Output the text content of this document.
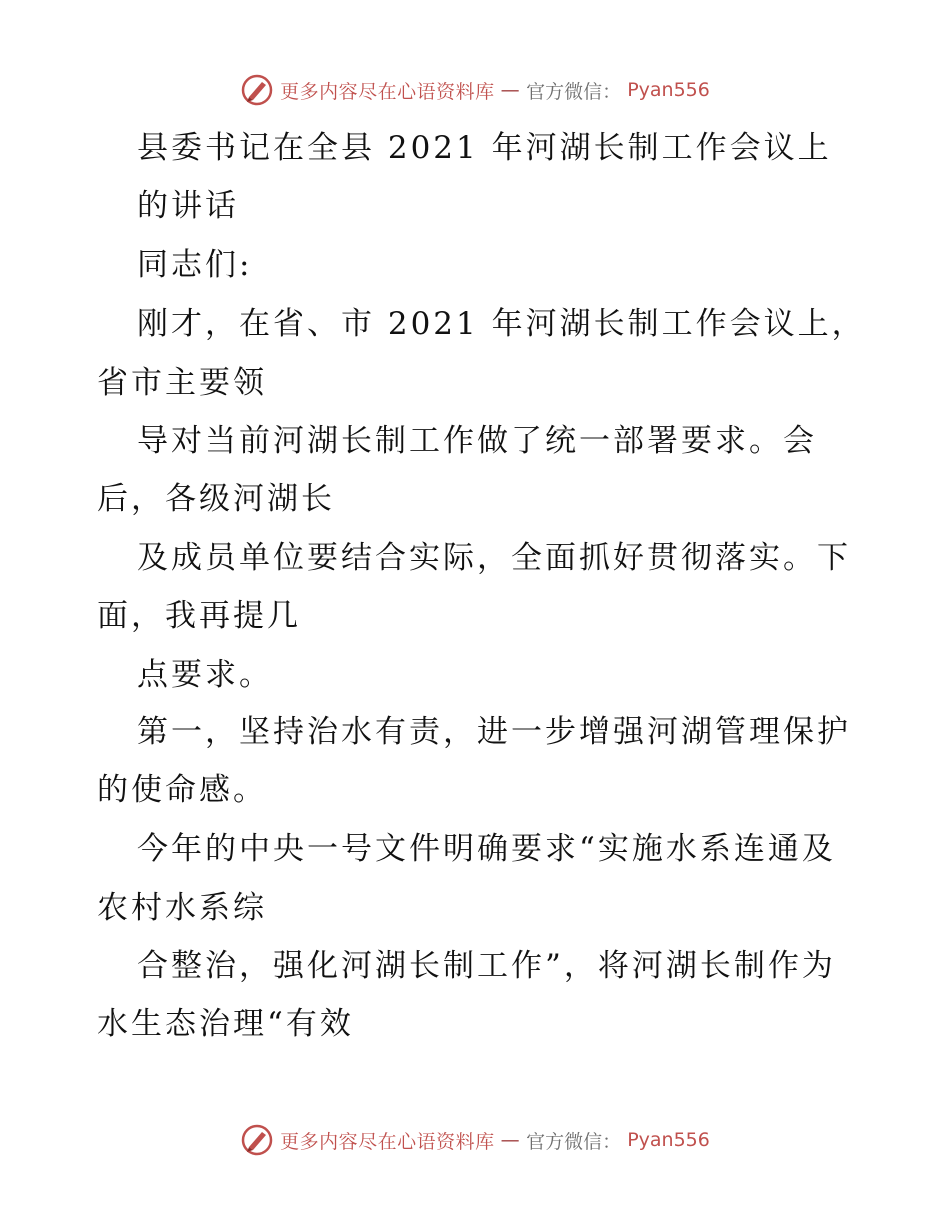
更多内容尽在心语资料库 — 官方微信： Pyan556
县委书记在全县 2021 年河湖长制工作会议上
的讲话
同志们:
刚才，在省、市 2021 年河湖长制工作会议上，
省市主要领
导对当前河湖长制工作做了统一部署要求。会
后，各级河湖长
及成员单位要结合实际，全面抓好贯彻落实。下
面，我再提几
点要求。
第一，坚持治水有责，进一步增强河湖管理保护
的使命感。
今年的中央一号文件明确要求“实施水系连通及
农村水系综
合整治，强化河湖长制工作”，将河湖长制作为
水生态治理“有效
更多内容尽在心语资料库 — 官方微信： Pyan556
